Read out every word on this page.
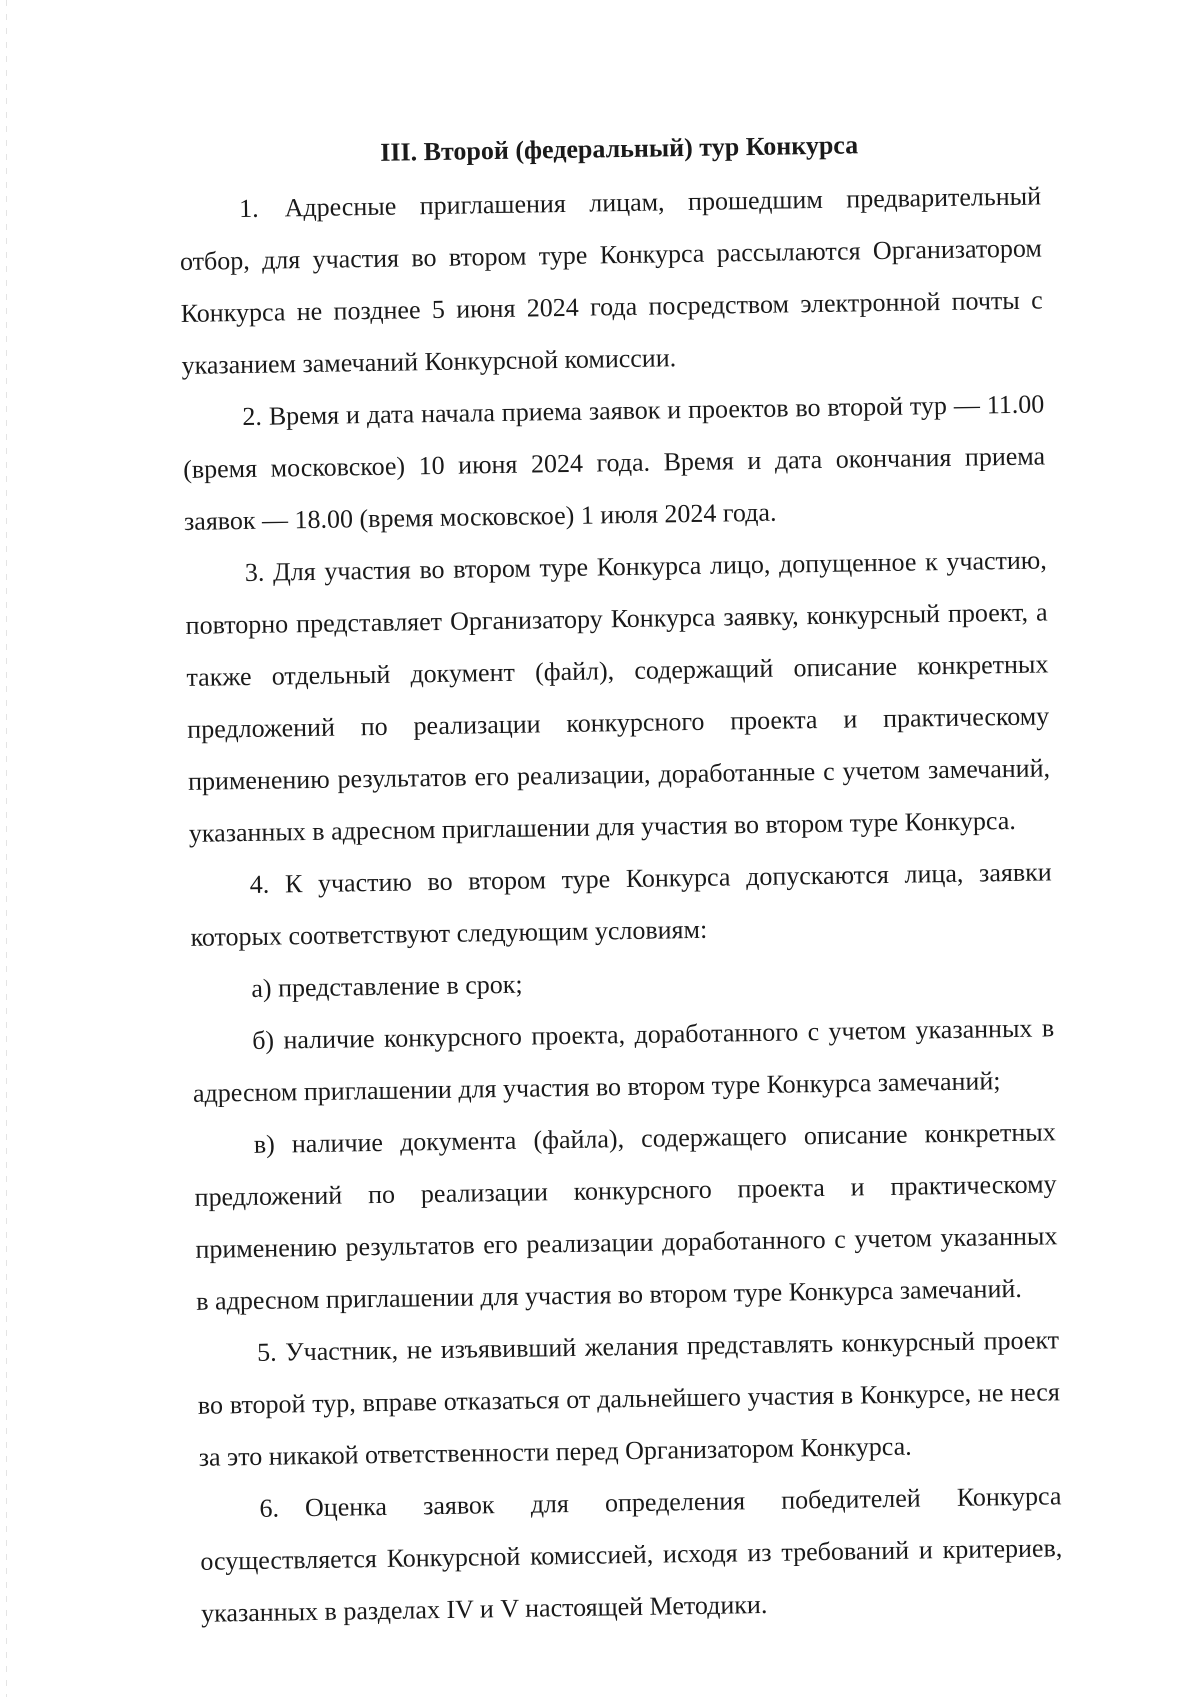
III. Второй (федеральный) тур Конкурса

1. Адресные приглашения лицам, прошедшим предварительный отбор, для участия во втором туре Конкурса рассылаются Организатором Конкурса не позднее 5 июня 2024 года посредством электронной почты с указанием замечаний Конкурсной комиссии.

2. Время и дата начала приема заявок и проектов во второй тур — 11.00 (время московское) 10 июня 2024 года. Время и дата окончания приема заявок — 18.00 (время московское) 1 июля 2024 года.

3. Для участия во втором туре Конкурса лицо, допущенное к участию, повторно представляет Организатору Конкурса заявку, конкурсный проект, а также отдельный документ (файл), содержащий описание конкретных предложений по реализации конкурсного проекта и практическому применению результатов его реализации, доработанные с учетом замечаний, указанных в адресном приглашении для участия во втором туре Конкурса.

4. К участию во втором туре Конкурса допускаются лица, заявки которых соответствуют следующим условиям:

а) представление в срок;

б) наличие конкурсного проекта, доработанного с учетом указанных в адресном приглашении для участия во втором туре Конкурса замечаний;

в) наличие документа (файла), содержащего описание конкретных предложений по реализации конкурсного проекта и практическому применению результатов его реализации доработанного с учетом указанных в адресном приглашении для участия во втором туре Конкурса замечаний.

5. Участник, не изъявивший желания представлять конкурсный проект во второй тур, вправе отказаться от дальнейшего участия в Конкурсе, не неся за это никакой ответственности перед Организатором Конкурса.

6. Оценка заявок для определения победителей Конкурса осуществляется Конкурсной комиссией, исходя из требований и критериев, указанных в разделах IV и V настоящей Методики.
